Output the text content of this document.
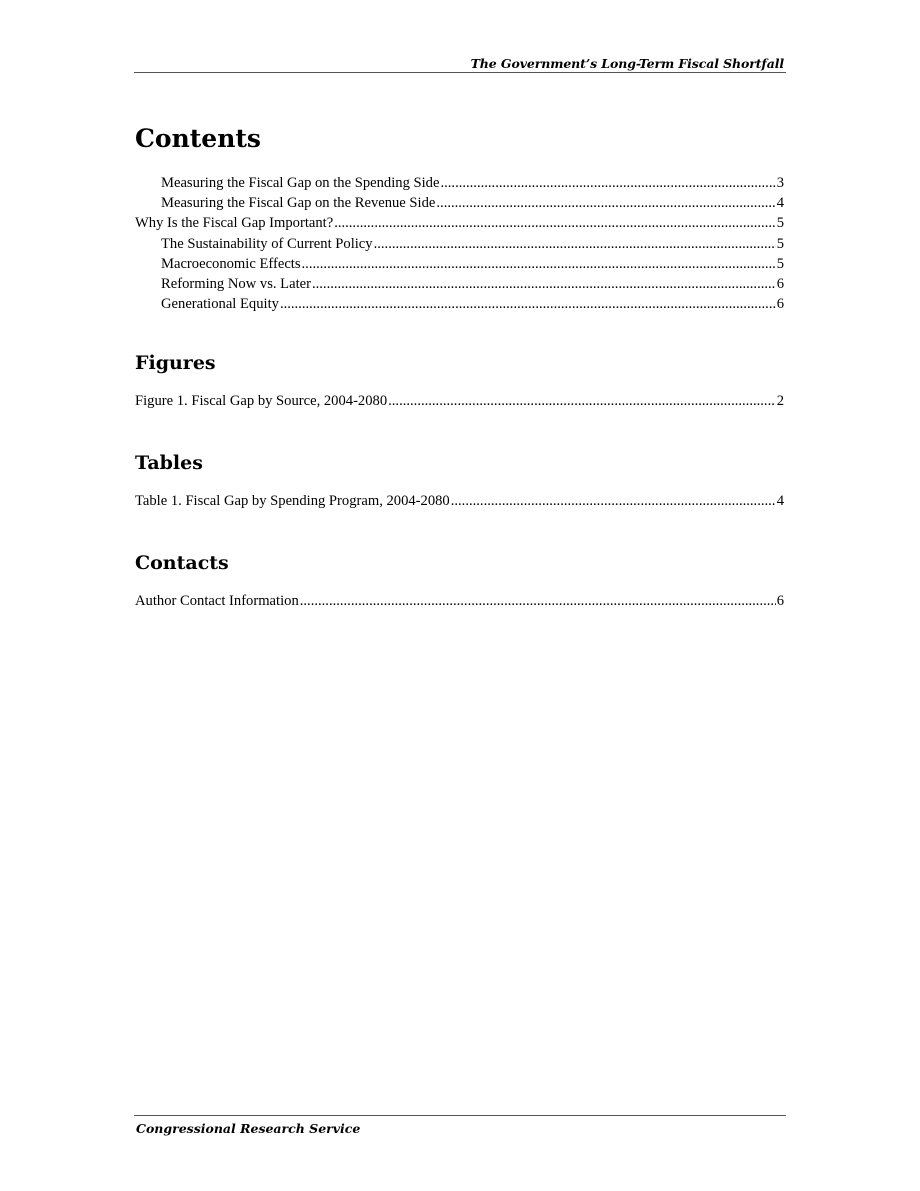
The Government’s Long-Term Fiscal Shortfall
Contents
Measuring the Fiscal Gap on the Spending Side .....	3
Measuring the Fiscal Gap on the Revenue Side .....	4
Why Is the Fiscal Gap Important? .....	5
The Sustainability of Current Policy .....	5
Macroeconomic Effects .....	5
Reforming Now vs. Later .....	6
Generational Equity .....	6
Figures
Figure 1. Fiscal Gap by Source, 2004-2080 .....	2
Tables
Table 1. Fiscal Gap by Spending Program, 2004-2080 .....	4
Contacts
Author Contact Information .....	6
Congressional Research Service
